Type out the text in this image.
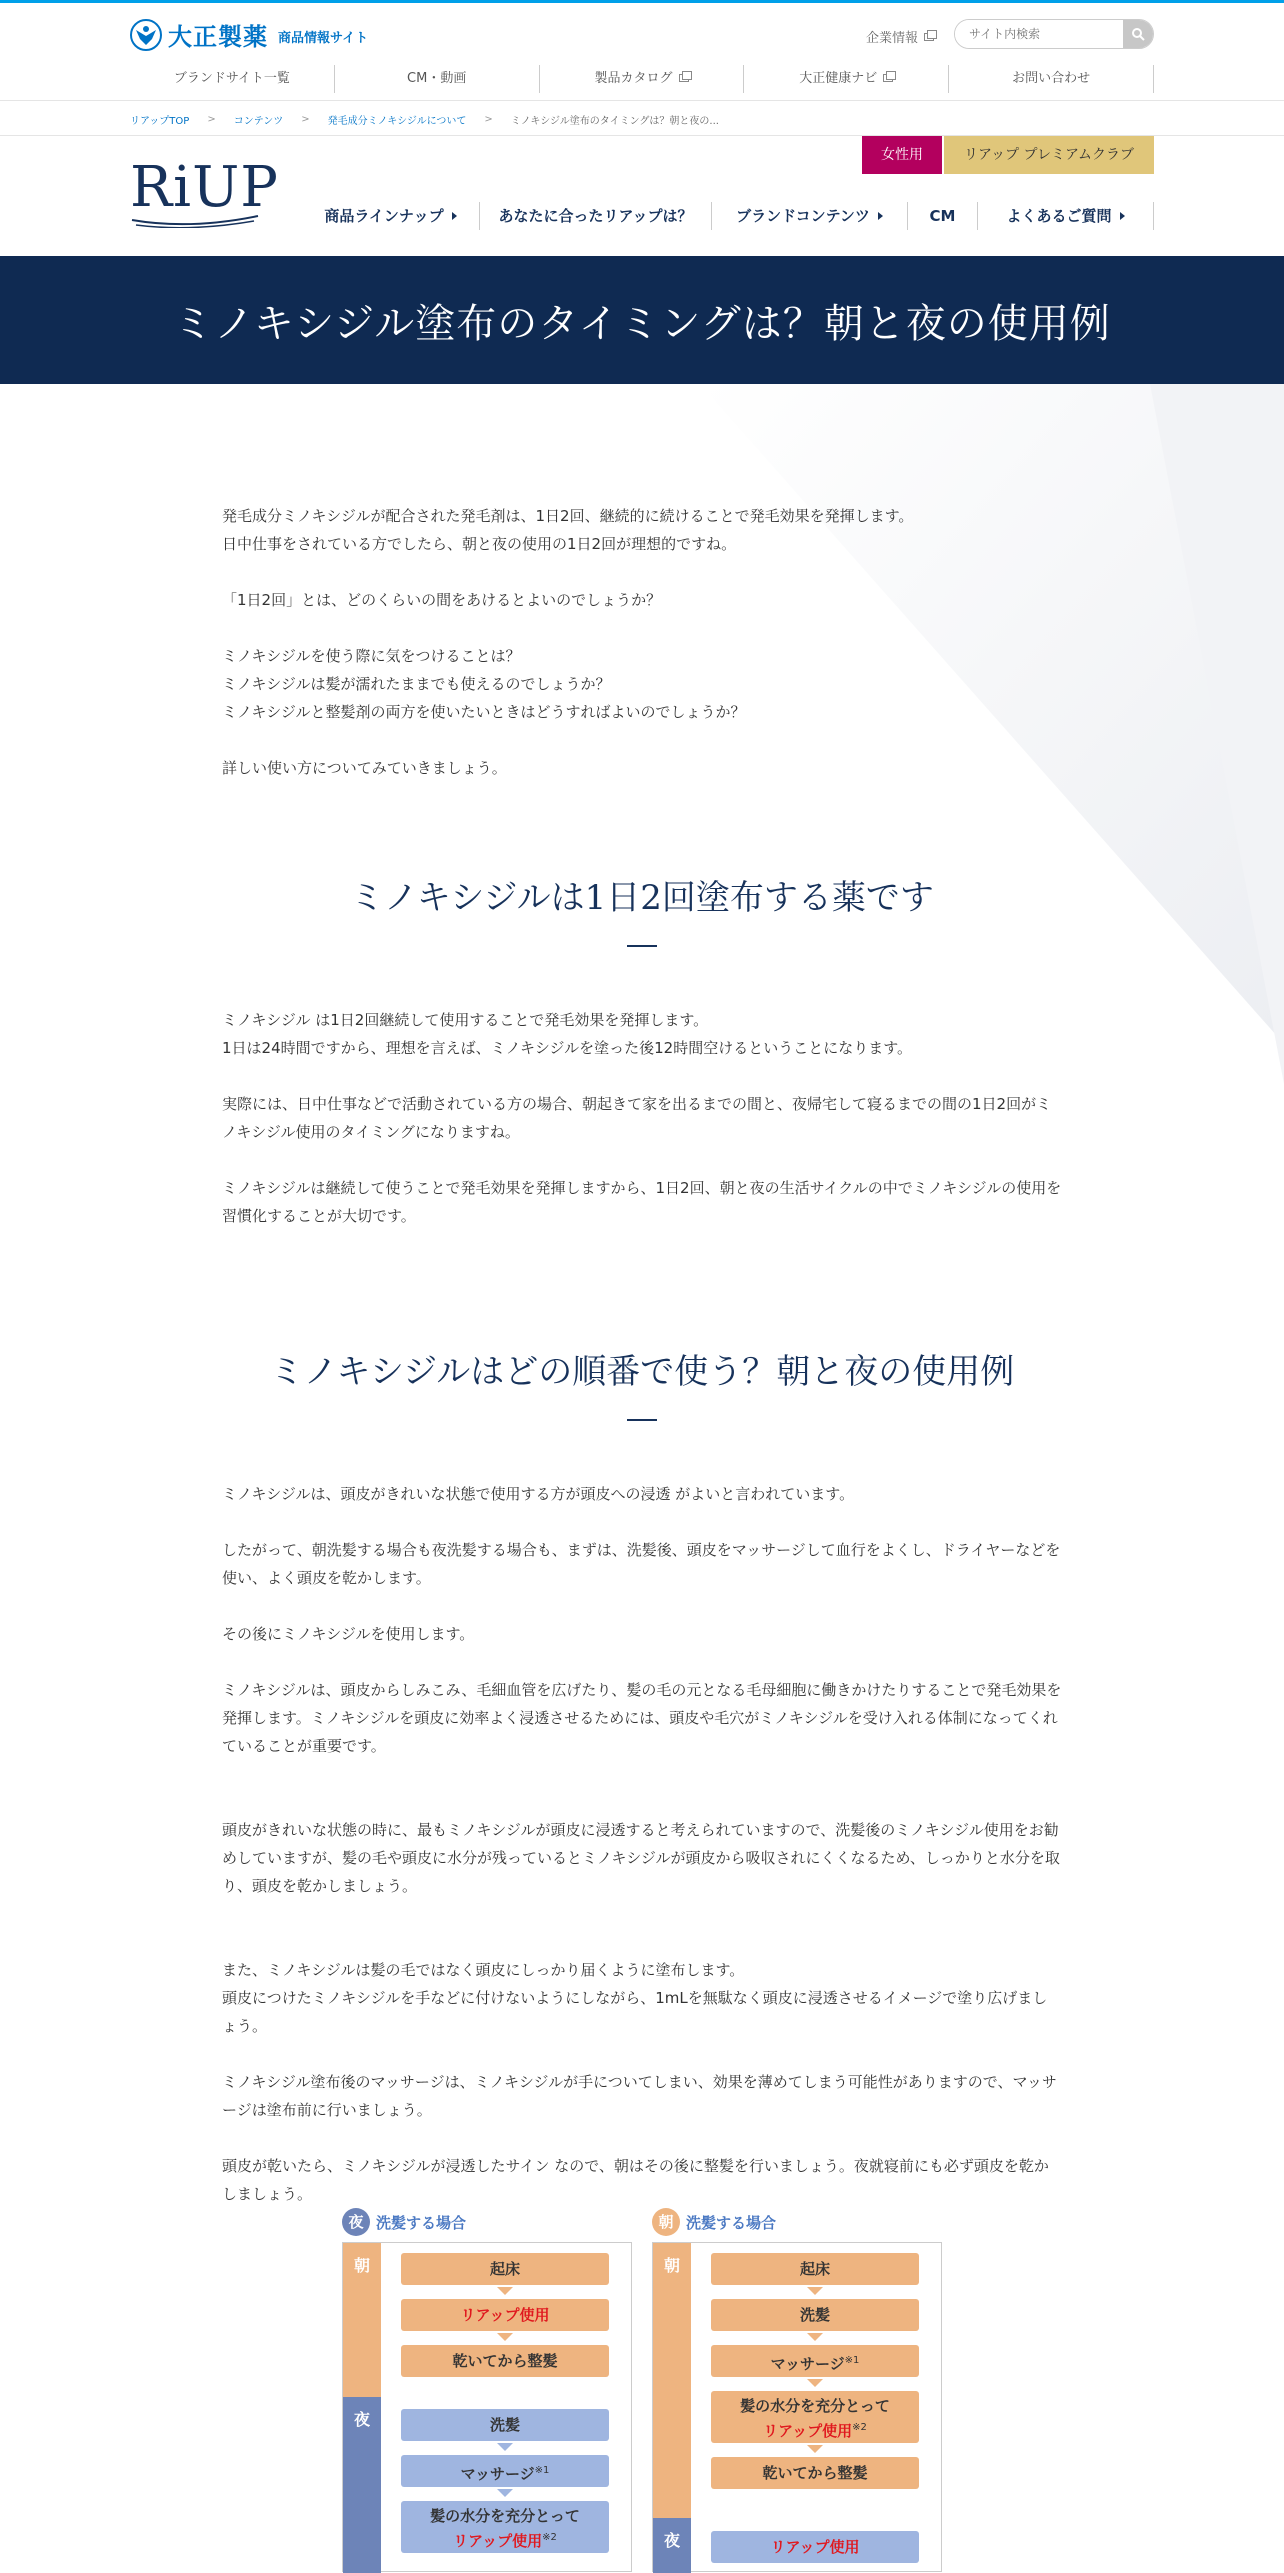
大正製薬 商品情報サイト	企業情報
サイト内検索
ブランドサイト一覧	CM・動画	製品カタログ	大正健康ナビ	お問い合わせ
リアップTOP > コンテンツ > 発毛成分ミノキシジルについて > ミノキシジル塗布のタイミングは？朝と夜の...
RiUP	女性用	リアップ プレミアムクラブ
商品ラインナップ	あなたに合ったリアップは？	ブランドコンテンツ	CM	よくあるご質問
ミノキシジル塗布のタイミングは？朝と夜の使用例

発毛成分ミノキシジルが配合された発毛剤は、1日2回、継続的に続けることで発毛効果を発揮します。
日中仕事をされている方でしたら、朝と夜の使用の1日2回が理想的ですね。

「1日2回」とは、どのくらいの間をあけるとよいのでしょうか？

ミノキシジルを使う際に気をつけることは？
ミノキシジルは髪が濡れたままでも使えるのでしょうか？
ミノキシジルと整髪剤の両方を使いたいときはどうすればよいのでしょうか？

詳しい使い方についてみていきましょう。

ミノキシジルは1日2回塗布する薬です

ミノキシジル は1日2回継続して使用することで発毛効果を発揮します。
1日は24時間ですから、理想を言えば、ミノキシジルを塗った後12時間空けるということになります。

実際には、日中仕事などで活動されている方の場合、朝起きて家を出るまでの間と、夜帰宅して寝るまでの間の1日2回がミノキシジル使用のタイミングになりますね。

ミノキシジルは継続して使うことで発毛効果を発揮しますから、1日2回、朝と夜の生活サイクルの中でミノキシジルの使用を習慣化することが大切です。

ミノキシジルはどの順番で使う？朝と夜の使用例

ミノキシジルは、頭皮がきれいな状態で使用する方が頭皮への浸透 がよいと言われています。

したがって、朝洗髪する場合も夜洗髪する場合も、まずは、洗髪後、頭皮をマッサージして血行をよくし、ドライヤーなどを使い、よく頭皮を乾かします。

その後にミノキシジルを使用します。

ミノキシジルは、頭皮からしみこみ、毛細血管を広げたり、髪の毛の元となる毛母細胞に働きかけたりすることで発毛効果を発揮します。ミノキシジルを頭皮に効率よく浸透させるためには、頭皮や毛穴がミノキシジルを受け入れる体制になってくれていることが重要です。

頭皮がきれいな状態の時に、最もミノキシジルが頭皮に浸透すると考えられていますので、洗髪後のミノキシジル使用をお勧めしていますが、髪の毛や頭皮に水分が残っているとミノキシジルが頭皮から吸収されにくくなるため、しっかりと水分を取り、頭皮を乾かしましょう。

また、ミノキシジルは髪の毛ではなく頭皮にしっかり届くように塗布します。
頭皮につけたミノキシジルを手などに付けないようにしながら、1mLを無駄なく頭皮に浸透させるイメージで塗り広げましょう。

ミノキシジル塗布後のマッサージは、ミノキシジルが手についてしまい、効果を薄めてしまう可能性がありますので、マッサージは塗布前に行いましょう。

頭皮が乾いたら、ミノキシジルが浸透したサイン なので、朝はその後に整髪を行いましょう。夜就寝前にも必ず頭皮を乾かしましょう。

夜 洗髪する場合
朝
夜
起床
リアップ使用
乾いてから整髪
洗髪
マッサージ$^{※1}$
髪の水分を充分とって
リアップ使用$^{※2}$
朝 洗髪する場合
朝
夜
起床
洗髪
マッサージ$^{※1}$
髪の水分を充分とって
リアップ使用$^{※2}$
乾いてから整髪
リアップ使用
